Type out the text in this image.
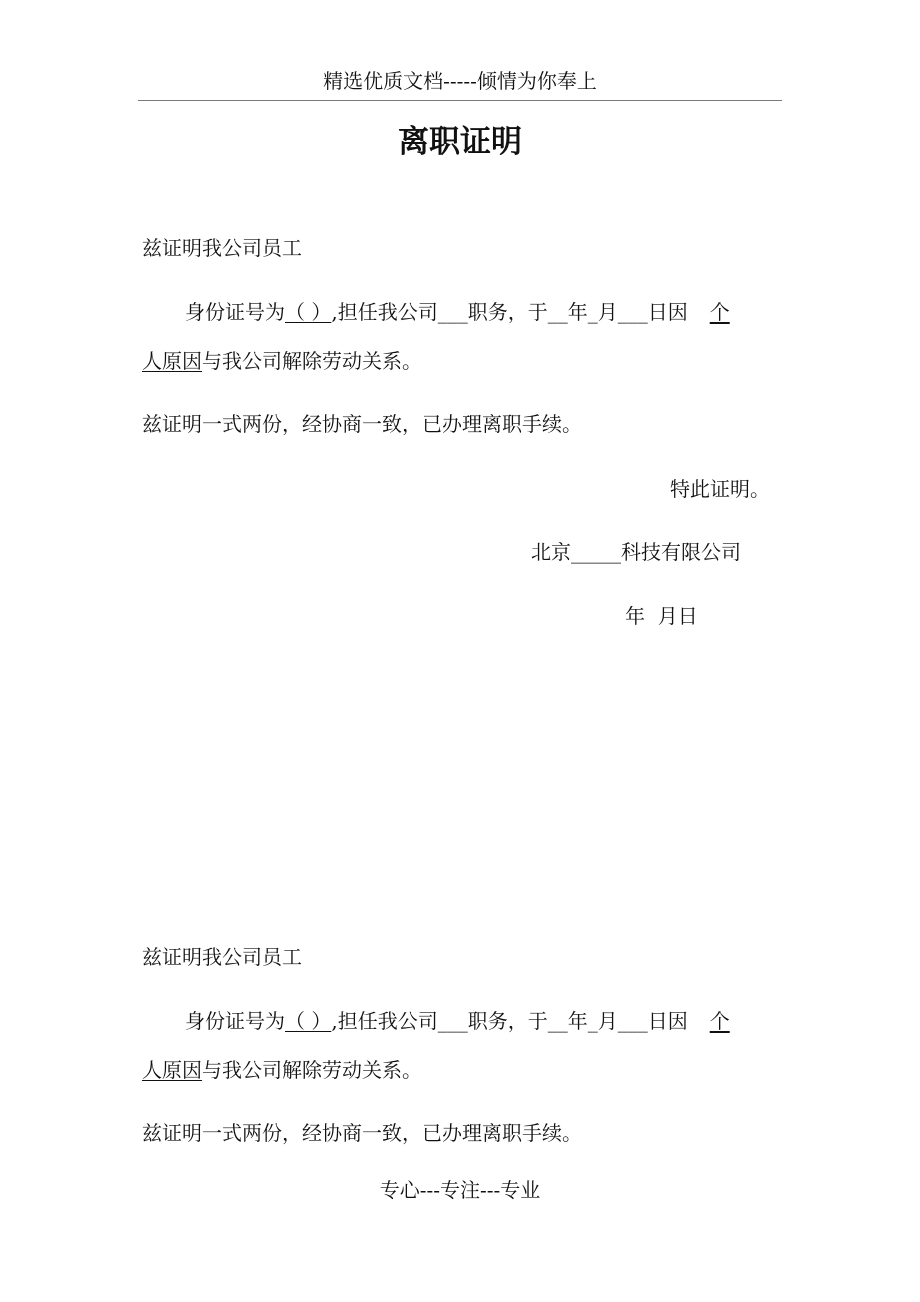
精选优质文档-----倾情为你奉上
离职证明
兹证明我公司员工
身份证号为（ ）,担任我公司___职务，于__年_月___日因 个
人原因与我公司解除劳动关系。
兹证明一式两份，经协商一致，已办理离职手续。
特此证明。
北京_____科技有限公司
年  月日
兹证明我公司员工
身份证号为（ ）,担任我公司___职务，于__年_月___日因 个
人原因与我公司解除劳动关系。
兹证明一式两份，经协商一致，已办理离职手续。
专心---专注---专业
